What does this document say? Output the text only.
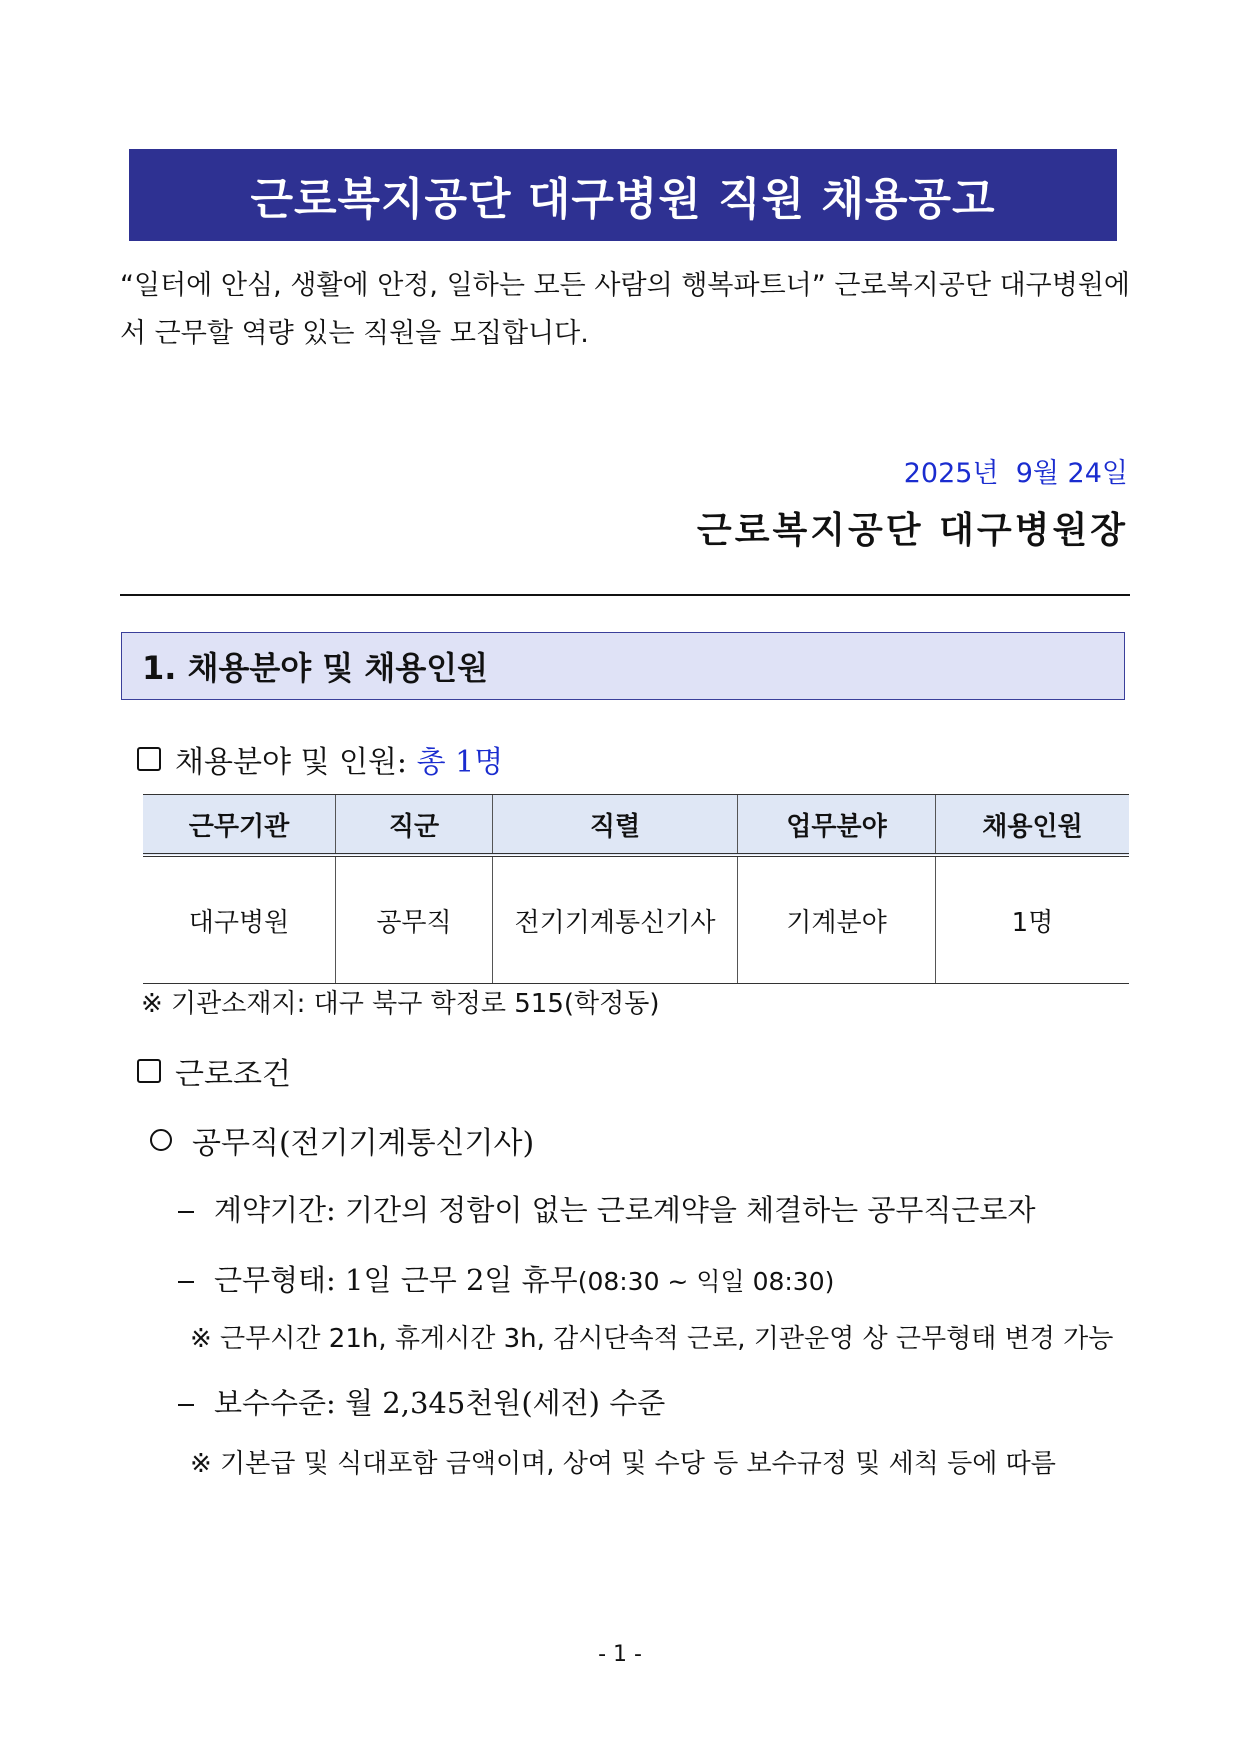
근로복지공단 대구병원 직원 채용공고
“일터에 안심, 생활에 안정, 일하는 모든 사람의 행복파트너” 근로복지공단 대구병원에서 근무할 역량 있는 직원을 모집합니다.
2025년  9월 24일
근로복지공단 대구병원장
1. 채용분야 및 채용인원
채용분야 및 인원:
총 1명
근무기관	직군	직렬	업무분야	채용인원
대구병원	공무직	전기기계통신기사	기계분야	1명
※ 기관소재지: 대구 북구 학정로 515(학정동)
근로조건
공무직(전기기계통신기사)
계약기간: 기간의 정함이 없는 근로계약을 체결하는 공무직근로자
근무형태: 1일 근무 2일 휴무(08:30 ~ 익일 08:30)
※ 근무시간 21h, 휴게시간 3h, 감시단속적 근로, 기관운영 상 근무형태 변경 가능
보수수준: 월 2,345천원(세전) 수준
※ 기본급 및 식대포함 금액이며, 상여 및 수당 등 보수규정 및 세칙 등에 따름
- 1 -
